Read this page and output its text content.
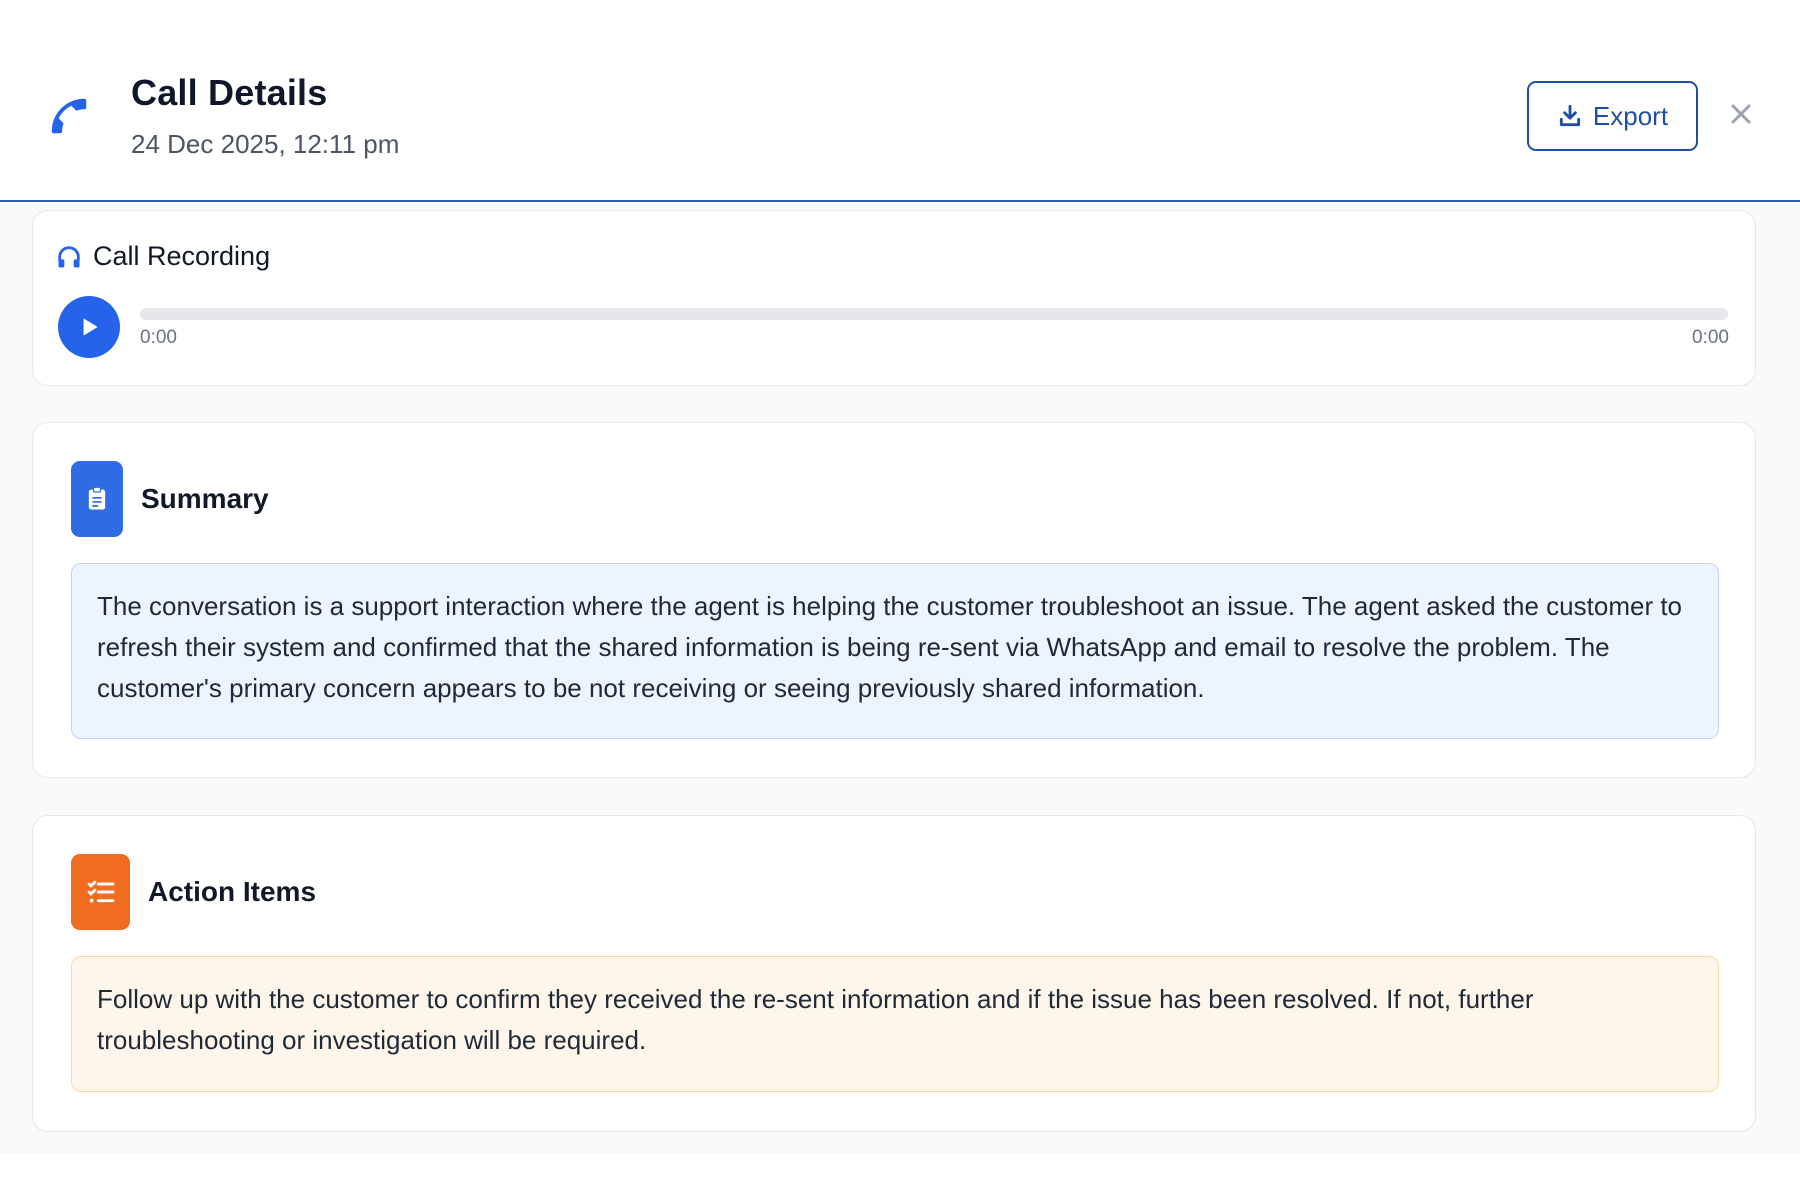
Call Details
24 Dec 2025, 12:11 pm
Export
Call Recording
0:00	0:00
Summary
The conversation is a support interaction where the agent is helping the customer troubleshoot an issue. The agent asked the customer to refresh their system and confirmed that the shared information is being re-sent via WhatsApp and email to resolve the problem. The customer's primary concern appears to be not receiving or seeing previously shared information.
Action Items
Follow up with the customer to confirm they received the re-sent information and if the issue has been resolved. If not, further troubleshooting or investigation will be required.
